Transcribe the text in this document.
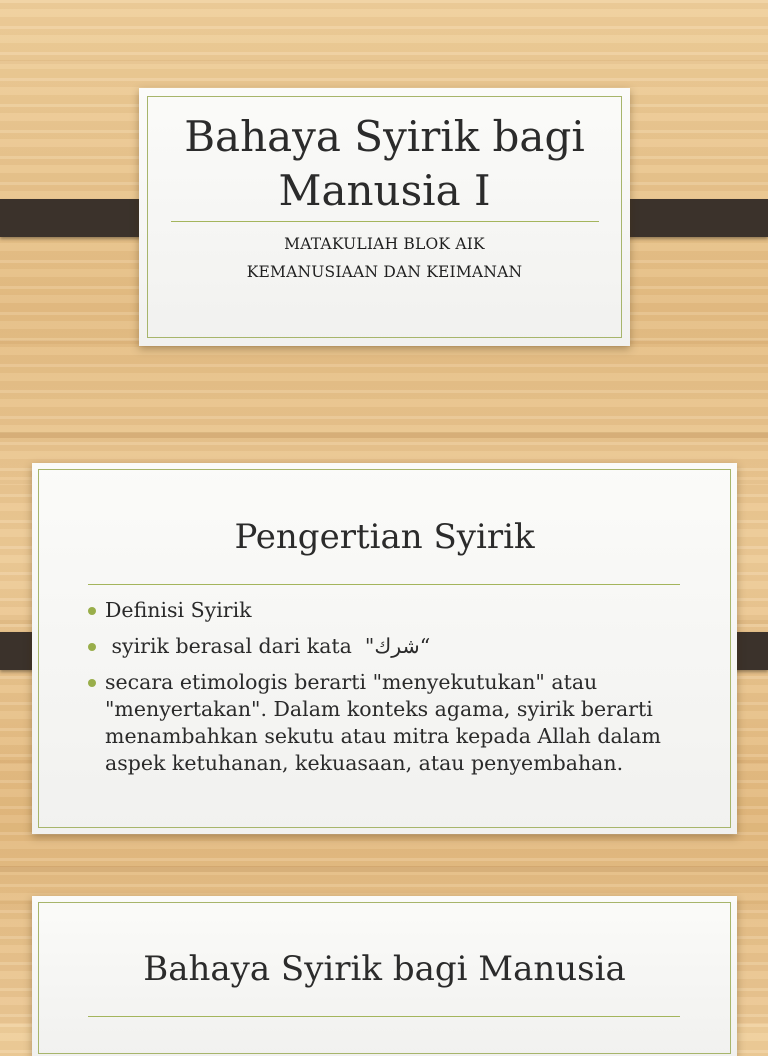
Bahaya Syirik bagi Manusia I
MATAKULIAH BLOK AIK
KEMANUSIAAN DAN KEIMANAN
Pengertian Syirik
Definisi Syirik
syirik berasal dari kata  "شرك“
secara etimologis berarti "menyekutukan" atau "menyertakan". Dalam konteks agama, syirik berarti menambahkan sekutu atau mitra kepada Allah dalam aspek ketuhanan, kekuasaan, atau penyembahan.
Bahaya Syirik bagi Manusia
